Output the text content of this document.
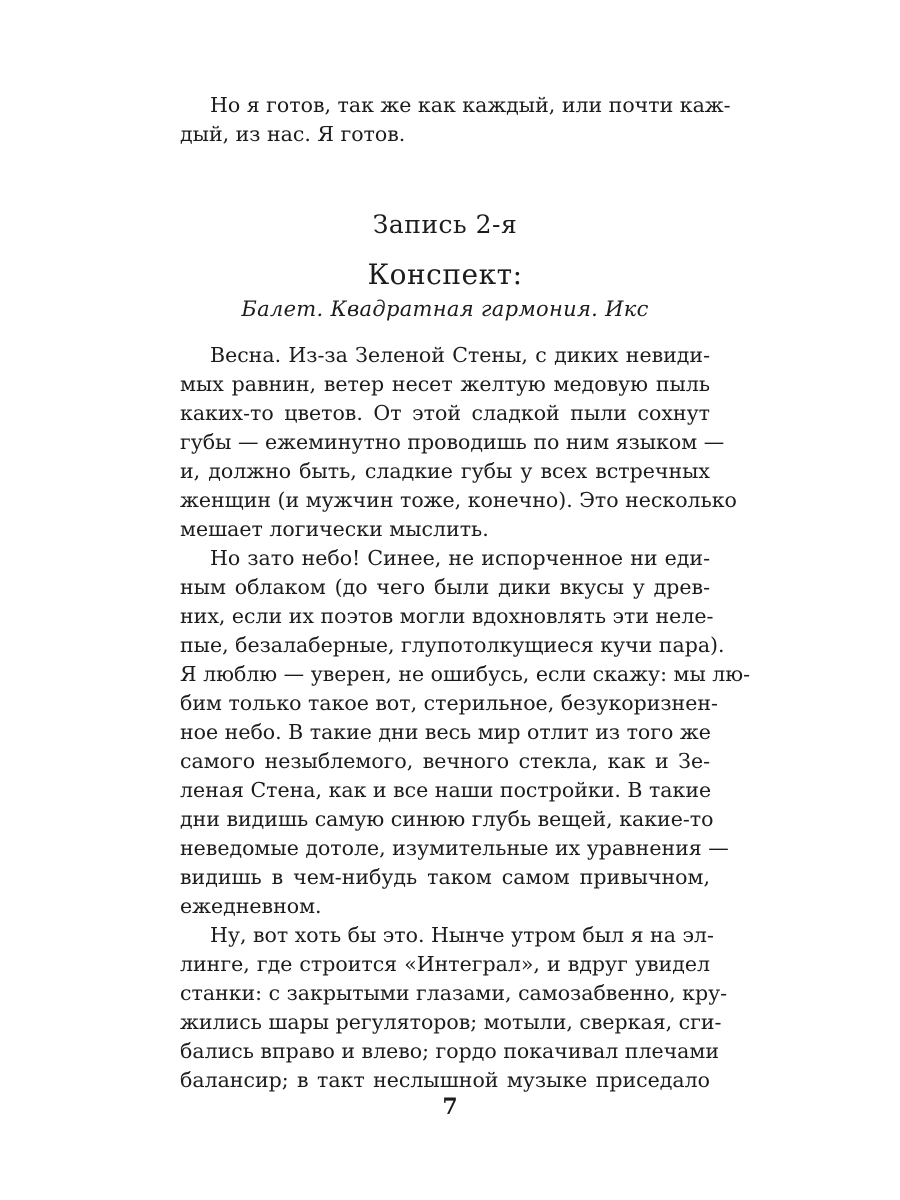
Но я готов, так же как каждый, или почти каж-
дый, из нас. Я готов.
Запись 2-я
Конспект:
Балет. Квадратная гармония. Икс
Весна. Из-за Зеленой Стены, с диких невиди-
мых равнин, ветер несет желтую медовую пыль
каких-то цветов. От этой сладкой пыли сохнут
губы — ежеминутно проводишь по ним языком —
и, должно быть, сладкие губы у всех встречных
женщин (и мужчин тоже, конечно). Это несколько
мешает логически мыслить.
Но зато небо! Синее, не испорченное ни еди-
ным облаком (до чего были дики вкусы у древ-
них, если их поэтов могли вдохновлять эти неле-
пые, безалаберные, глупотолкущиеся кучи пара).
Я люблю — уверен, не ошибусь, если скажу: мы лю-
бим только такое вот, стерильное, безукоризнен-
ное небо. В такие дни весь мир отлит из того же
самого незыблемого, вечного стекла, как и Зе-
леная Стена, как и все наши постройки. В такие
дни видишь самую синюю глубь вещей, какие-то
неведомые дотоле, изумительные их уравнения —
видишь в чем-нибудь таком самом привычном,
ежедневном.
Ну, вот хоть бы это. Нынче утром был я на эл-
линге, где строится «Интеграл», и вдруг увидел
станки: с закрытыми глазами, самозабвенно, кру-
жились шары регуляторов; мотыли, сверкая, сги-
бались вправо и влево; гордо покачивал плечами
балансир; в такт неслышной музыке приседало
7
